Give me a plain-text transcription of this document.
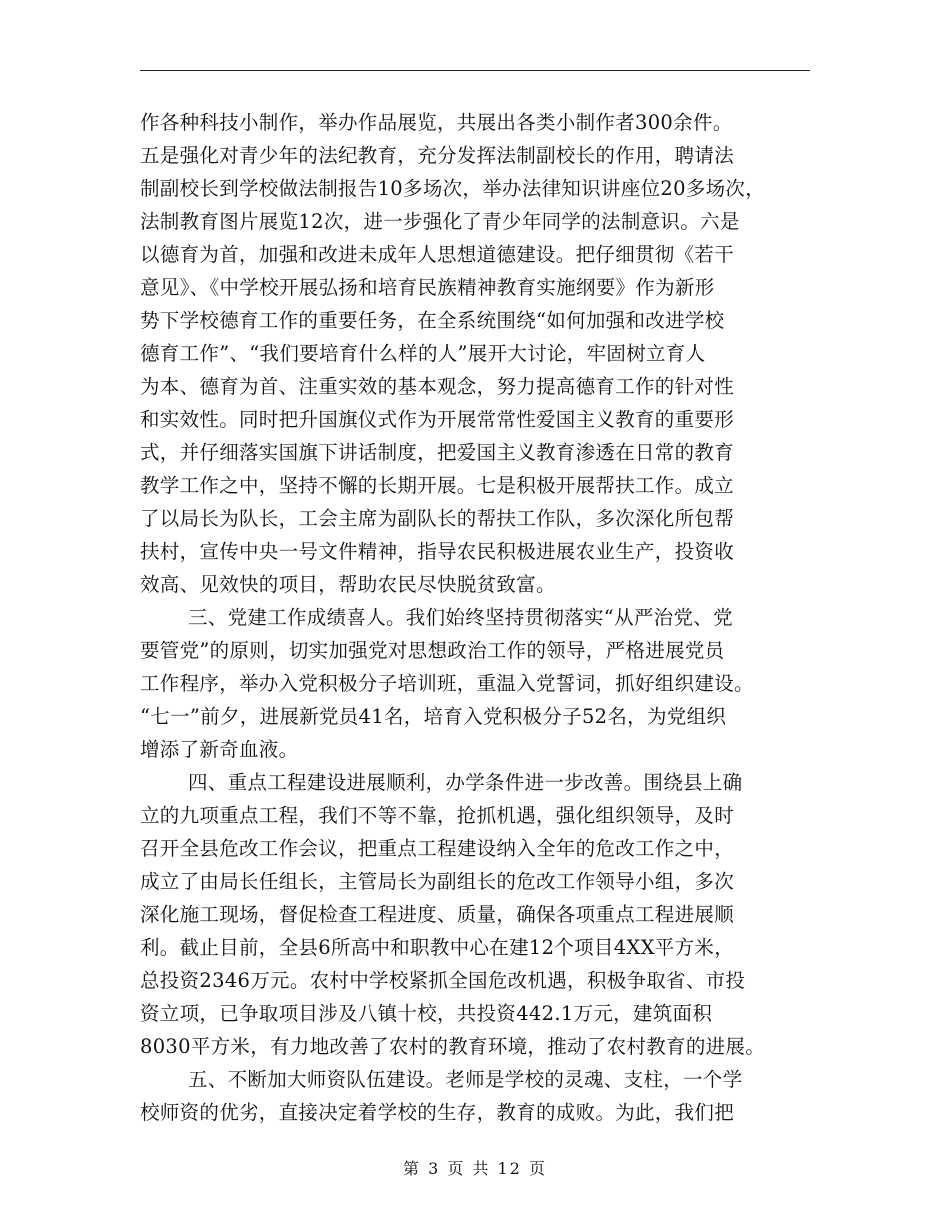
作各种科技小制作，举办作品展览，共展出各类小制作者300余件。
五是强化对青少年的法纪教育，充分发挥法制副校长的作用，聘请法
制副校长到学校做法制报告10多场次，举办法律知识讲座位20多场次，
法制教育图片展览12次，进一步强化了青少年同学的法制意识。六是
以德育为首，加强和改进未成年人思想道德建设。把仔细贯彻《若干
意见》、《中学校开展弘扬和培育民族精神教育实施纲要》作为新形
势下学校德育工作的重要任务，在全系统围绕“如何加强和改进学校
德育工作”、“我们要培育什么样的人”展开大讨论，牢固树立育人
为本、德育为首、注重实效的基本观念，努力提高德育工作的针对性
和实效性。同时把升国旗仪式作为开展常常性爱国主义教育的重要形
式，并仔细落实国旗下讲话制度，把爱国主义教育渗透在日常的教育
教学工作之中，坚持不懈的长期开展。七是积极开展帮扶工作。成立
了以局长为队长，工会主席为副队长的帮扶工作队，多次深化所包帮
扶村，宣传中央一号文件精神，指导农民积极进展农业生产，投资收
效高、见效快的项目，帮助农民尽快脱贫致富。
三、党建工作成绩喜人。我们始终坚持贯彻落实“从严治党、党
要管党”的原则，切实加强党对思想政治工作的领导，严格进展党员
工作程序，举办入党积极分子培训班，重温入党誓词，抓好组织建设。
“七一”前夕，进展新党员41名，培育入党积极分子52名，为党组织
增添了新奇血液。
四、重点工程建设进展顺利，办学条件进一步改善。围绕县上确
立的九项重点工程，我们不等不靠，抢抓机遇，强化组织领导，及时
召开全县危改工作会议，把重点工程建设纳入全年的危改工作之中，
成立了由局长任组长，主管局长为副组长的危改工作领导小组，多次
深化施工现场，督促检查工程进度、质量，确保各项重点工程进展顺
利。截止目前，全县6所高中和职教中心在建12个项目4XX平方米，
总投资2346万元。农村中学校紧抓全国危改机遇，积极争取省、市投
资立项，已争取项目涉及八镇十校，共投资442.1万元，建筑面积
8030平方米，有力地改善了农村的教育环境，推动了农村教育的进展。
五、不断加大师资队伍建设。老师是学校的灵魂、支柱，一个学
校师资的优劣，直接决定着学校的生存，教育的成败。为此，我们把
第 3 页 共 12 页
